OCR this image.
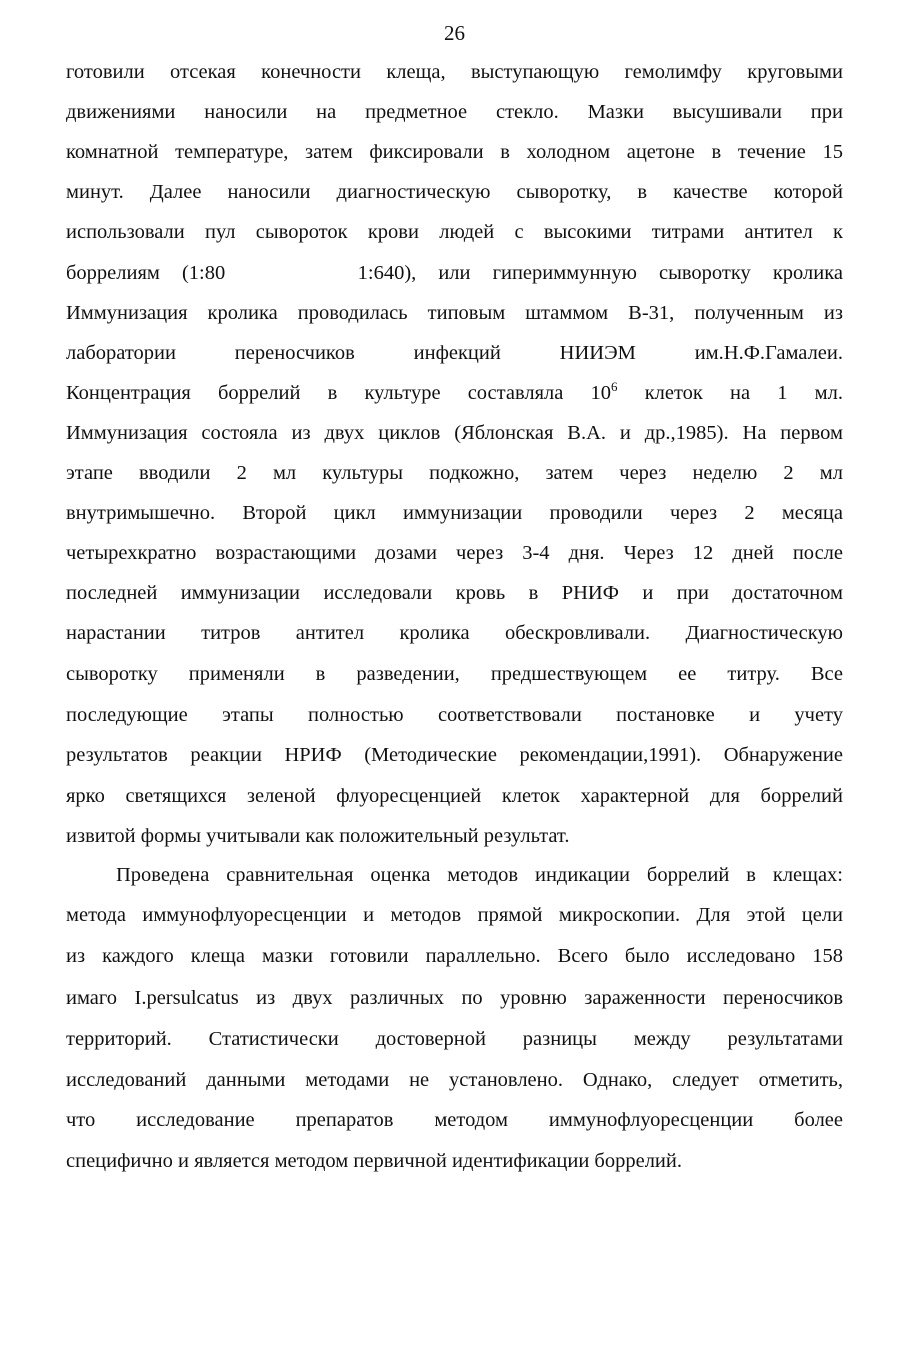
26
готовили отсекая конечности клеща, выступающую гемолимфу круговыми
движениями наносили на предметное стекло. Мазки высушивали при
комнатной температуре, затем фиксировали в холодном ацетоне в течение 15
минут. Далее наносили диагностическую сыворотку, в качестве которой
использовали пул сывороток крови людей с высокими титрами антител к
боррелиям (1:80      1:640), или гипериммунную сыворотку кролика
Иммунизация кролика проводилась типовым штаммом В-31, полученным из
лаборатории переносчиков инфекций НИИЭМ им.Н.Ф.Гамалеи.
Концентрация боррелий в культуре составляла $10^6$ клеток на 1 мл.
Иммунизация состояла из двух циклов (Яблонская В.А. и др.,1985). На первом
этапе вводили 2 мл культуры подкожно, затем через неделю 2 мл
внутримышечно. Второй цикл иммунизации проводили через 2 месяца
четырехкратно возрастающими дозами через 3-4 дня. Через 12 дней после
последней иммунизации исследовали кровь в РНИФ и при достаточном
нарастании титров антител кролика обескровливали. Диагностическую
сыворотку применяли в разведении, предшествующем ее титру. Все
последующие этапы полностью соответствовали постановке и учету
результатов реакции НРИФ (Методические рекомендации,1991). Обнаружение
ярко светящихся зеленой флуоресценцией клеток характерной для боррелий
извитой формы учитывали как положительный результат.
Проведена сравнительная оценка методов индикации боррелий в клещах:
метода иммунофлуоресценции и методов прямой микроскопии. Для этой цели
из каждого клеща мазки готовили параллельно. Всего было исследовано 158
имаго I.persulcatus из двух различных по уровню зараженности переносчиков
территорий. Статистически достоверной разницы между результатами
исследований данными методами не установлено. Однако, следует отметить,
что исследование препаратов методом иммунофлуоресценции более
специфично и является методом первичной идентификации боррелий.
